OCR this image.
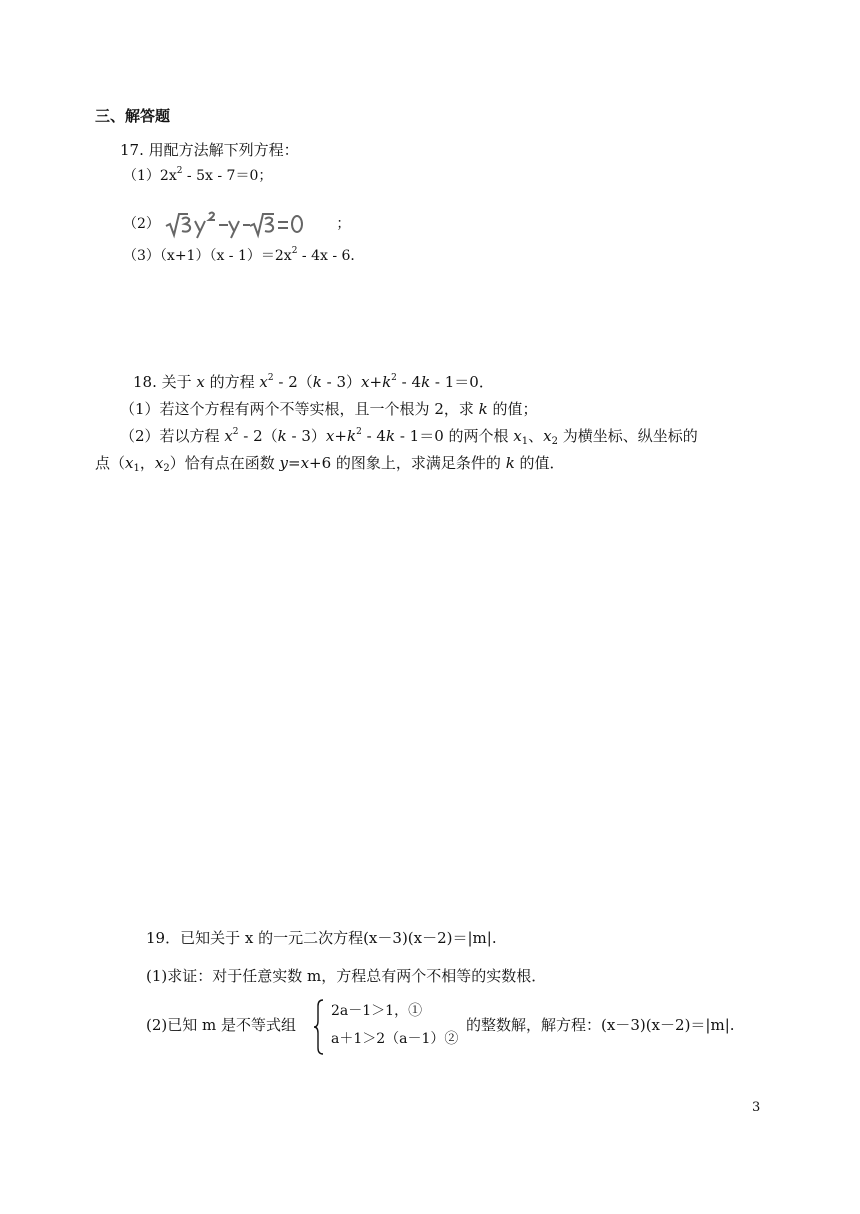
三、解答题
17. 用配方法解下列方程：
$(1)2x^2 - 5x - 7=0$；
（2）	；
$(3)(x+1)(x - 1)=2x^2 - 4x - 6$．
18. 关于 x 的方程 $x^2 - 2(k - 3)x+k^2 - 4k - 1=0$．
（1）若这个方程有两个不等实根，且一个根为 2，求 k 的值；
（2）若以方程 $x^2 - 2(k - 3)x+k^2 - 4k - 1=0$ 的两个根 $x_1$、$x_2$ 为横坐标、纵坐标的
点（$x_1$，$x_2$）恰有点在函数 y=x+6 的图象上，求满足条件的 k 的值．
19．已知关于 x 的一元二次方程(x－3)(x－2)＝|m|.
(1)求证：对于任意实数 m，方程总有两个不相等的实数根．
(2)已知 m 是不等式组
2a－1＞1，①
a＋1＞2（a－1）②
的整数解，解方程：(x－3)(x－2)＝|m|.
3
